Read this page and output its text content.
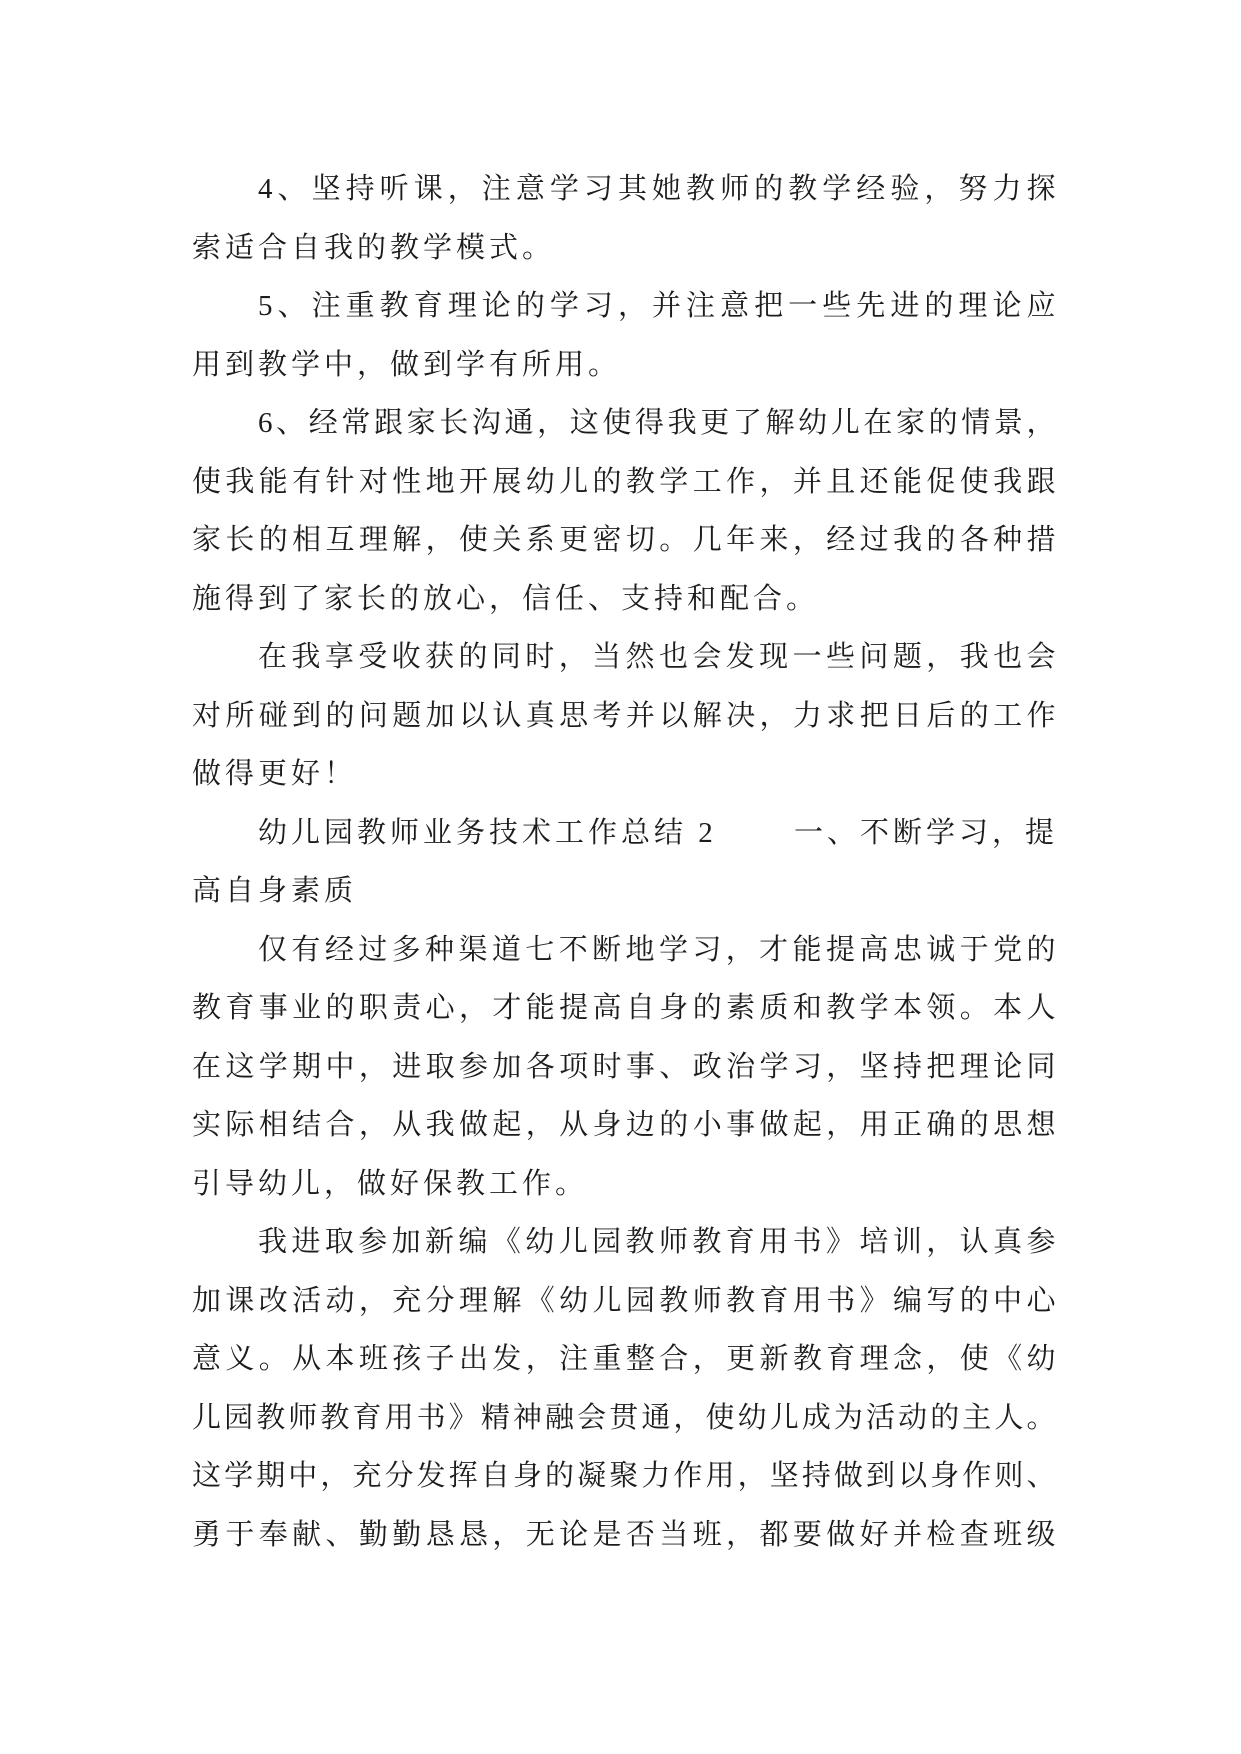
4、坚持听课，注意学习其她教师的教学经验，努力探
索适合自我的教学模式。
5、注重教育理论的学习，并注意把一些先进的理论应
用到教学中，做到学有所用。
6、经常跟家长沟通，这使得我更了解幼儿在家的情景，
使我能有针对性地开展幼儿的教学工作，并且还能促使我跟
家长的相互理解，使关系更密切。几年来，经过我的各种措
施得到了家长的放心，信任、支持和配合。
在我享受收获的同时，当然也会发现一些问题，我也会
对所碰到的问题加以认真思考并以解决，力求把日后的工作
做得更好！
幼儿园教师业务技术工作总结 2	一、不断学习，提
高自身素质
仅有经过多种渠道七不断地学习，才能提高忠诚于党的
教育事业的职责心，才能提高自身的素质和教学本领。本人
在这学期中，进取参加各项时事、政治学习，坚持把理论同
实际相结合，从我做起，从身边的小事做起，用正确的思想
引导幼儿，做好保教工作。
我进取参加新编《幼儿园教师教育用书》培训，认真参
加课改活动，充分理解《幼儿园教师教育用书》编写的中心
意义。从本班孩子出发，注重整合，更新教育理念，使《幼
儿园教师教育用书》精神融会贯通，使幼儿成为活动的主人。
这学期中，充分发挥自身的凝聚力作用，坚持做到以身作则、
勇于奉献、勤勤恳恳，无论是否当班，都要做好并检查班级
